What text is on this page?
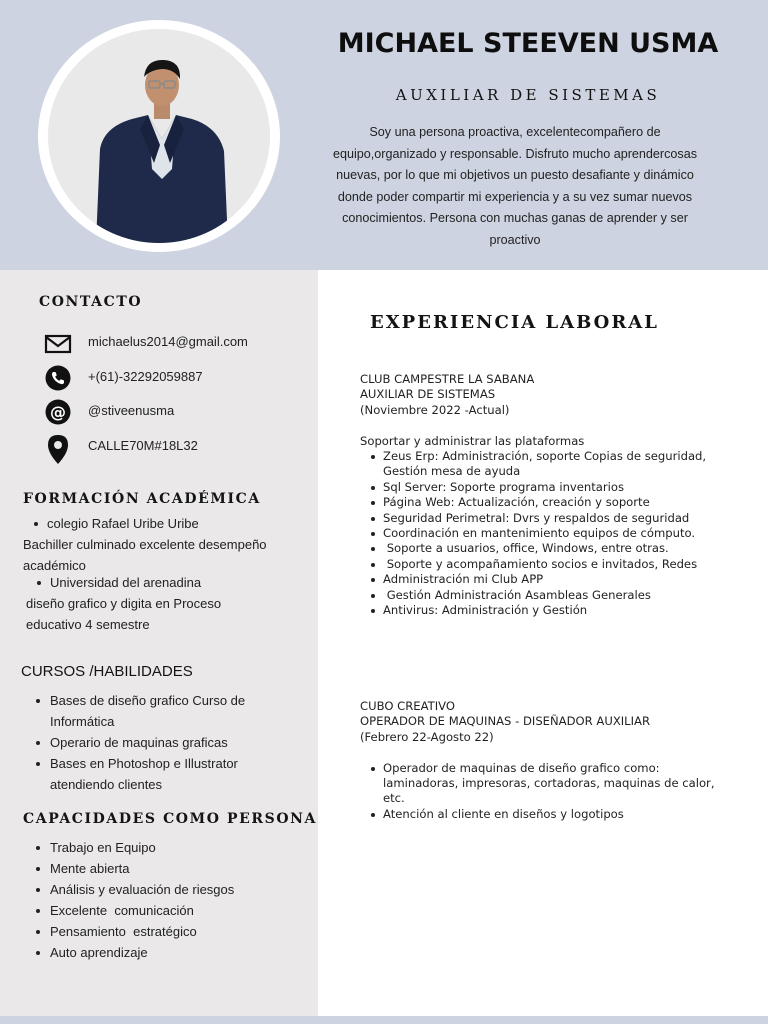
MICHAEL STEEVEN USMA
AUXILIAR DE SISTEMAS
Soy una persona proactiva, excelentecompañero de equipo,organizado y responsable. Disfruto mucho aprendercosas nuevas, por lo que mi objetivos un puesto desafiante y dinámico donde poder compartir mi experiencia y a su vez sumar nuevos conocimientos. Persona con muchas ganas de aprender y ser proactivo
CONTACTO
michaelus2014@gmail.com
+(61)-32292059887
@ @stiveenusma
CALLE70M#18L32
FORMACIÓN ACADÉMICA
colegio Rafael Uribe Uribe
Bachiller culminado excelente desempeño académico
Universidad del arenadina
diseño grafico y digita en Proceso educativo 4 semestre
CURSOS /HABILIDADES
Bases de diseño grafico Curso de Informática
Operario de maquinas graficas
Bases en Photoshop e Illustrator atendiendo clientes
CAPACIDADES COMO PERSONA
Trabajo en Equipo
Mente abierta
Análisis y evaluación de riesgos
Excelente  comunicación
Pensamiento  estratégico
Auto aprendizaje
EXPERIENCIA LABORAL
CLUB CAMPESTRE LA SABANA
AUXILIAR DE SISTEMAS
(Noviembre 2022 -Actual)
Soportar y administrar las plataformas
Zeus Erp: Administración, soporte Copias de seguridad, Gestión mesa de ayuda
Sql Server: Soporte programa inventarios
Página Web: Actualización, creación y soporte
Seguridad Perimetral: Dvrs y respaldos de seguridad
Coordinación en mantenimiento equipos de cómputo.
Soporte a usuarios, office, Windows, entre otras.
Soporte y acompañamiento socios e invitados, Redes
Administración mi Club APP
Gestión Administración Asambleas Generales
Antivirus: Administración y Gestión
CUBO CREATIVO
OPERADOR DE MAQUINAS - DISEÑADOR AUXILIAR
(Febrero 22-Agosto 22)
Operador de maquinas de diseño grafico como: laminadoras, impresoras, cortadoras, maquinas de calor, etc.
Atención al cliente en diseños y logotipos
